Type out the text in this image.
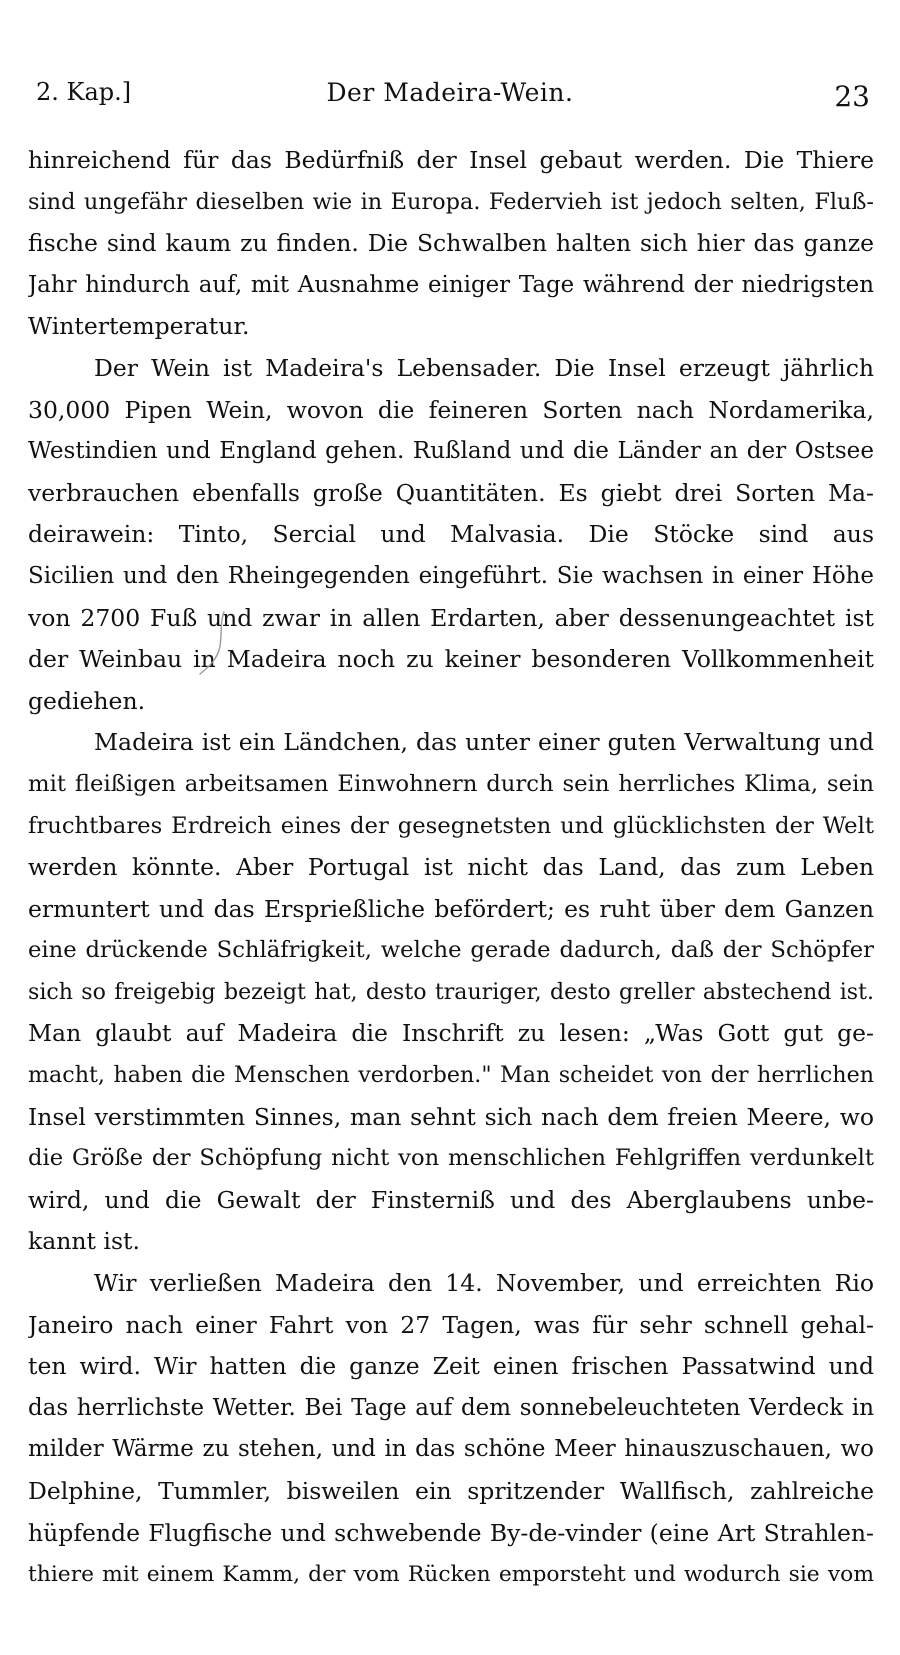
2. Kap.]	Der Madeira-Wein.	23
hinreichend für das Bedürfniß der Insel gebaut werden. Die Thiere
sind ungefähr dieselben wie in Europa. Federvieh ist jedoch selten, Fluß-
fische sind kaum zu finden. Die Schwalben halten sich hier das ganze
Jahr hindurch auf, mit Ausnahme einiger Tage während der niedrigsten
Wintertemperatur.
Der Wein ist Madeira's Lebensader. Die Insel erzeugt jährlich
30,000 Pipen Wein, wovon die feineren Sorten nach Nordamerika,
Westindien und England gehen. Rußland und die Länder an der Ostsee
verbrauchen ebenfalls große Quantitäten. Es giebt drei Sorten Ma-
deirawein: Tinto, Sercial und Malvasia. Die Stöcke sind aus
Sicilien und den Rheingegenden eingeführt. Sie wachsen in einer Höhe
von 2700 Fuß und zwar in allen Erdarten, aber dessenungeachtet ist
der Weinbau in Madeira noch zu keiner besonderen Vollkommenheit
gediehen.
Madeira ist ein Ländchen, das unter einer guten Verwaltung und
mit fleißigen arbeitsamen Einwohnern durch sein herrliches Klima, sein
fruchtbares Erdreich eines der gesegnetsten und glücklichsten der Welt
werden könnte. Aber Portugal ist nicht das Land, das zum Leben
ermuntert und das Ersprießliche befördert; es ruht über dem Ganzen
eine drückende Schläfrigkeit, welche gerade dadurch, daß der Schöpfer
sich so freigebig bezeigt hat, desto trauriger, desto greller abstechend ist.
Man glaubt auf Madeira die Inschrift zu lesen: „Was Gott gut ge-
macht, haben die Menschen verdorben." Man scheidet von der herrlichen
Insel verstimmten Sinnes, man sehnt sich nach dem freien Meere, wo
die Größe der Schöpfung nicht von menschlichen Fehlgriffen verdunkelt
wird, und die Gewalt der Finsterniß und des Aberglaubens unbe-
kannt ist.
Wir verließen Madeira den 14. November, und erreichten Rio
Janeiro nach einer Fahrt von 27 Tagen, was für sehr schnell gehal-
ten wird. Wir hatten die ganze Zeit einen frischen Passatwind und
das herrlichste Wetter. Bei Tage auf dem sonnebeleuchteten Verdeck in
milder Wärme zu stehen, und in das schöne Meer hinauszuschauen, wo
Delphine, Tummler, bisweilen ein spritzender Wallfisch, zahlreiche
hüpfende Flugfische und schwebende By-de-vinder (eine Art Strahlen-
thiere mit einem Kamm, der vom Rücken emporsteht und wodurch sie vom
